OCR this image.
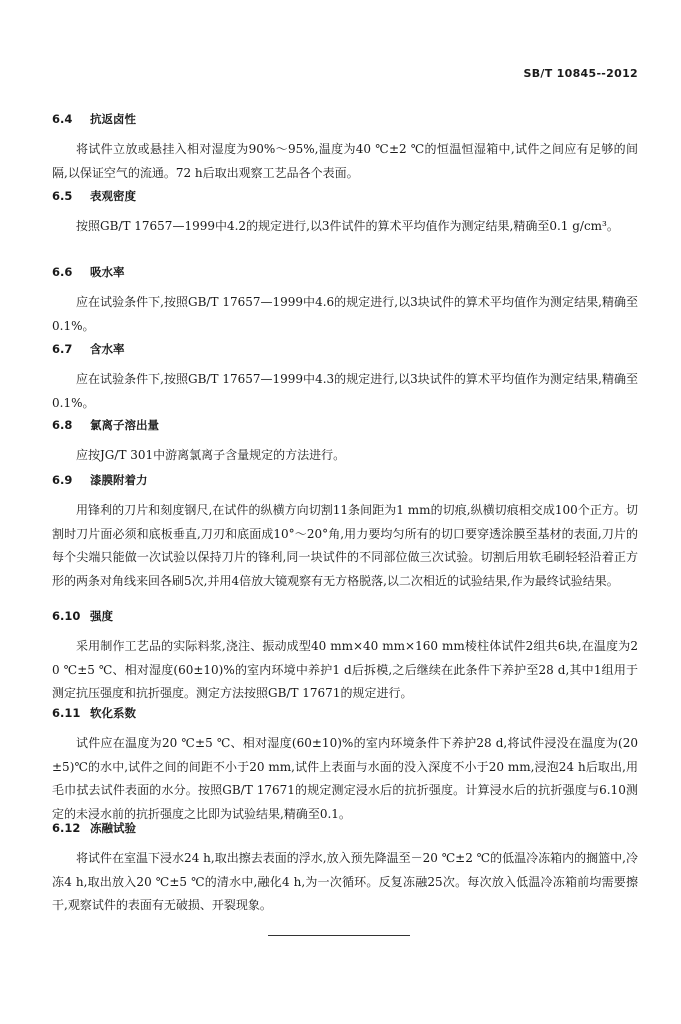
SB/T 10845--2012
6.4 抗返卤性
将试件立放或悬挂入相对湿度为90%～95%,温度为40 ℃±2 ℃的恒温恒湿箱中,试件之间应有足够的间隔,以保证空气的流通。72 h后取出观察工艺品各个表面。
6.5 表观密度
按照GB/T 17657—1999中4.2的规定进行,以3件试件的算术平均值作为测定结果,精确至0.1 g/cm³。
6.6 吸水率
应在试验条件下,按照GB/T 17657—1999中4.6的规定进行,以3块试件的算术平均值作为测定结果,精确至0.1%。
6.7 含水率
应在试验条件下,按照GB/T 17657—1999中4.3的规定进行,以3块试件的算术平均值作为测定结果,精确至0.1%。
6.8 氯离子溶出量
应按JG/T 301中游离氯离子含量规定的方法进行。
6.9 漆膜附着力
用锋利的刀片和刻度钢尺,在试件的纵横方向切割11条间距为1 mm的切痕,纵横切痕相交成100个正方。切割时刀片面必须和底板垂直,刀刃和底面成10°～20°角,用力要均匀所有的切口要穿透涂膜至基材的表面,刀片的每个尖端只能做一次试验以保持刀片的锋利,同一块试件的不同部位做三次试验。切割后用软毛刷轻轻沿着正方形的两条对角线来回各刷5次,并用4倍放大镜观察有无方格脱落,以二次相近的试验结果,作为最终试验结果。
6.10 强度
采用制作工艺品的实际料浆,浇注、振动成型40 mm×40 mm×160 mm棱柱体试件2组共6块,在温度为20 ℃±5 ℃、相对湿度(60±10)%的室内环境中养护1 d后拆模,之后继续在此条件下养护至28 d,其中1组用于测定抗压强度和抗折强度。测定方法按照GB/T 17671的规定进行。
6.11 软化系数
试件应在温度为20 ℃±5 ℃、相对湿度(60±10)%的室内环境条件下养护28 d,将试件浸没在温度为(20±5)℃的水中,试件之间的间距不小于20 mm,试件上表面与水面的没入深度不小于20 mm,浸泡24 h后取出,用毛巾拭去试件表面的水分。按照GB/T 17671的规定测定浸水后的抗折强度。计算浸水后的抗折强度与6.10测定的未浸水前的抗折强度之比即为试验结果,精确至0.1。
6.12 冻融试验
将试件在室温下浸水24 h,取出擦去表面的浮水,放入预先降温至－20 ℃±2 ℃的低温冷冻箱内的搁篮中,冷冻4 h,取出放入20 ℃±5 ℃的清水中,融化4 h,为一次循环。反复冻融25次。每次放入低温冷冻箱前均需要擦干,观察试件的表面有无破损、开裂现象。
